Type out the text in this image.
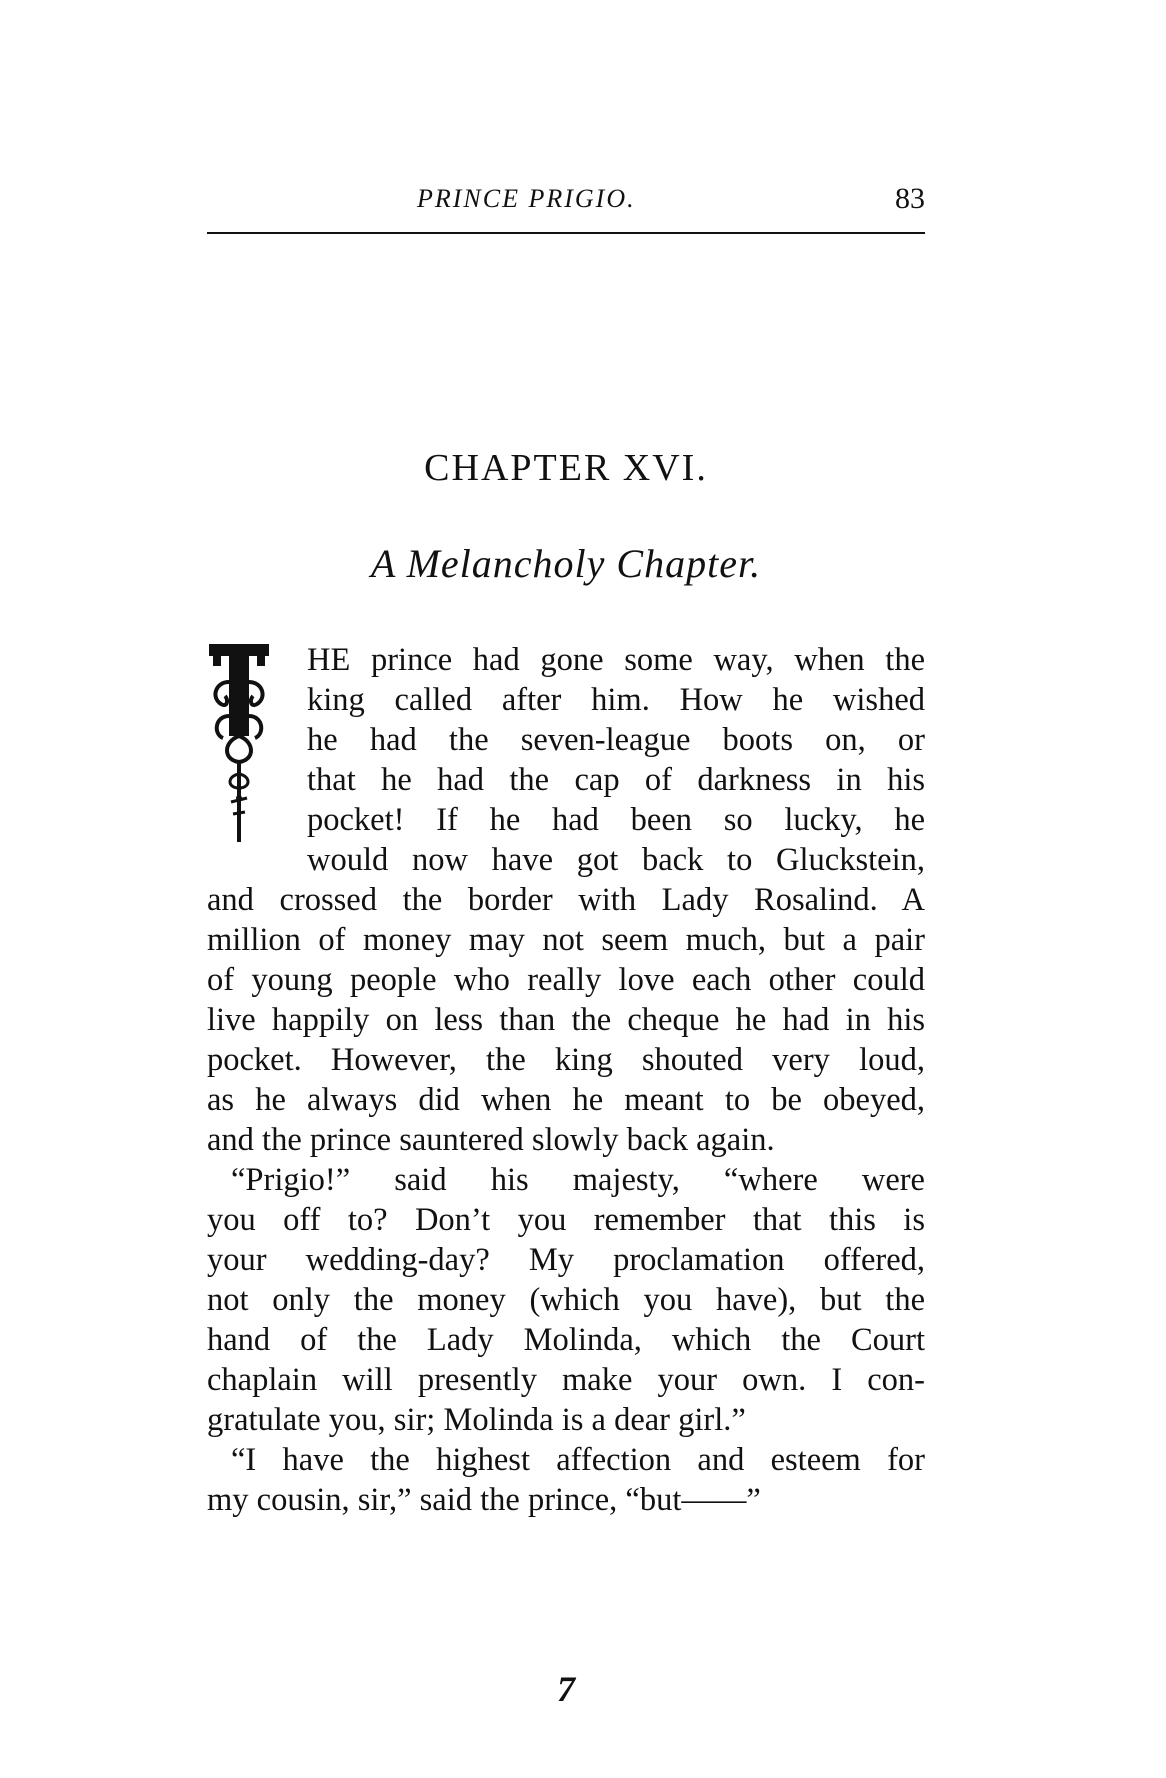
PRINCE PRIGIO.	83
CHAPTER XVI.
A Melancholy Chapter.
HE prince had gone some way, when the
king called after him. How he wished
he had the seven-league boots on, or
that he had the cap of darkness in his
pocket! If he had been so lucky, he
would now have got back to Gluckstein,
and crossed the border with Lady Rosalind. A
million of money may not seem much, but a pair
of young people who really love each other could
live happily on less than the cheque he had in his
pocket. However, the king shouted very loud,
as he always did when he meant to be obeyed,
and the prince sauntered slowly back again.
“Prigio!” said his majesty, “where were
you off to? Don’t you remember that this is
your wedding-day? My proclamation offered,
not only the money (which you have), but the
hand of the Lady Molinda, which the Court
chaplain will presently make your own. I con-
gratulate you, sir; Molinda is a dear girl.”
“I have the highest affection and esteem for
my cousin, sir,” said the prince, “but——”
7
